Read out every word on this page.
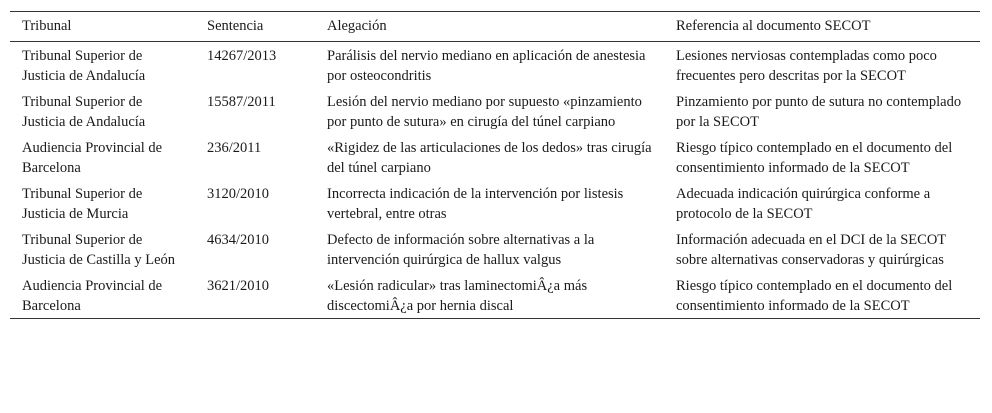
Tribunal	Sentencia	Alegación	Referencia al documento SECOT
Tribunal Superior de Justicia de Andalucía	14267/2013	Parálisis del nervio mediano en aplicación de anestesia por osteocondritis	Lesiones nerviosas contempladas como poco frecuentes pero descritas por la SECOT
Tribunal Superior de Justicia de Andalucía	15587/2011	Lesión del nervio mediano por supuesto «pinzamiento por punto de sutura» en cirugía del túnel carpiano	Pinzamiento por punto de sutura no contemplado por la SECOT
Audiencia Provincial de Barcelona	236/2011	«Rigidez de las articulaciones de los dedos» tras cirugía del túnel carpiano	Riesgo típico contemplado en el documento del consentimiento informado de la SECOT
Tribunal Superior de Justicia de Murcia	3120/2010	Incorrecta indicación de la intervención por listesis vertebral, entre otras	Adecuada indicación quirúrgica conforme a protocolo de la SECOT
Tribunal Superior de Justicia de Castilla y León	4634/2010	Defecto de información sobre alternativas a la intervención quirúrgica de hallux valgus	Información adecuada en el DCI de la SECOT sobre alternativas conservadoras y quirúrgicas
Audiencia Provincial de Barcelona	3621/2010	«Lesión radicular» tras laminectomiÂ¿a más discectomiÂ¿a por hernia discal	Riesgo típico contemplado en el documento del consentimiento informado de la SECOT
